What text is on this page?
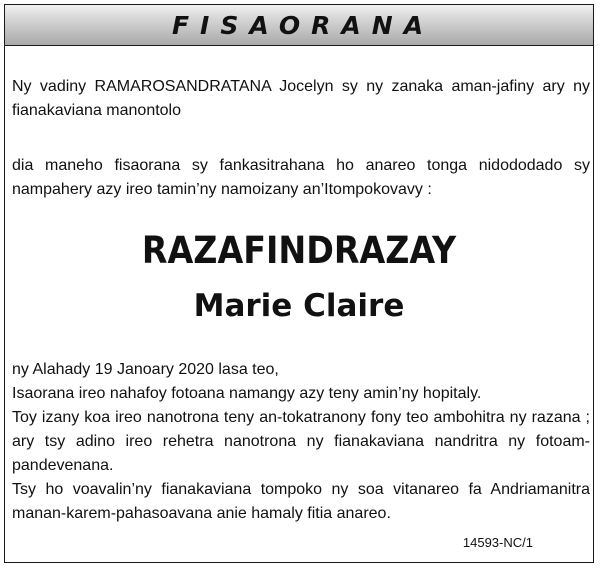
FISAORANA

Ny vadiny RAMAROSANDRATANA Jocelyn sy ny zanaka aman-jafiny ary ny fianakaviana manontolo

dia maneho fisaorana sy fankasitrahana ho anareo tonga nidododado sy nampahery azy ireo tamin’ny namoizany an’Itompokovavy :

RAZAFINDRAZAY
Marie Claire
ny Alahady 19 Janoary 2020 lasa teo,
Isaorana ireo nahafoy fotoana namangy azy teny amin’ny hopitaly.
Toy izany koa ireo nanotrona teny an-tokatranony fony teo ambohitra ny razana ; ary tsy adino ireo rehetra nanotrona ny fianakaviana nandritra ny fotoam-pandevenana.
Tsy ho voavalin’ny fianakaviana tompoko ny soa vitanareo fa Andriamanitra manan-karem-pahasoavana anie hamaly fitia anareo.
14593-NC/1
